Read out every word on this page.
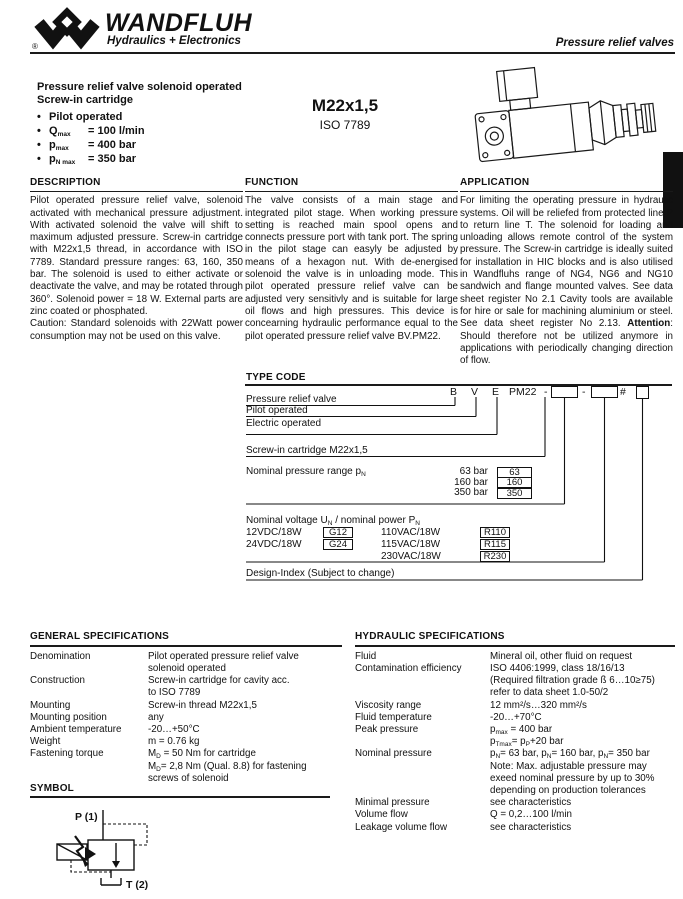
®
WANDFLUH
Hydraulics + Electronics	Pressure relief valves
Pressure relief valve solenoid operated
Screw-in cartridge
• Pilot operated
• $Q_{max}$	= 100 l/min
• $p_{max}$	= 400 bar
• $p_{N max}$	= 350 bar
M22x1,5
ISO 7789
DESCRIPTION

Pilot operated pressure relief valve, solenoid activated with mechanical pressure adjustment. With activated solenoid the valve will shift to maximum adjusted pressure. Screw-in cartridge with M22x1,5 thread, in accordance with ISO 7789. Standard pressure ranges: 63, 160, 350 bar. The solenoid is used to either activate or deactivate the valve, and may be rotated through 360°. Solenoid power = 18 W. External parts are zinc coated or phosphated.

Caution: Standard solenoids with 22Watt power consumption may not be used on this valve.

FUNCTION

The valve consists of a main stage and integrated pilot stage. When working pressure setting is reached main spool opens and connects pressure port with tank port. The spring in the pilot stage can easyly be adjusted by means of a hexagon nut. With de-energised solenoid the valve is in unloading mode. This pilot operated pressure relief valve can be adjusted very sensitivly and is suitable for large oil flows and high pressures. This device is concearning hydraulic performance equal to the pilot operated pressure relief valve BV.PM22.

APPLICATION

For limiting the operating pressure in hydraulic systems. Oil will be reliefed from protected line P to return line T. The solenoid for loading and unloading allows remote control of the system pressure. The Screw-in cartridge is ideally suited for installation in HIC blocks and is also utilised in Wandfluhs range of NG4, NG6 and NG10 sandwich and flange mounted valves. See data sheet register No 2.1 Cavity tools are available for hire or sale for machining aluminium or steel. See data sheet register No 2.13. Attention: Should therefore not be utilized anymore in applications with periodically changing direction of flow.

TYPE CODE
B V E PM22 -	-	#
Pressure relief valve
Pilot operated
Electric operated
Screw-in cartridge M22x1,5
Nominal pressure range $p_N$	63 bar	63
160 bar	160
350 bar	350
Nominal voltage $U_N$ / nominal power $P_N$
12VDC/18W	G12	110VAC/18W	R110
24VDC/18W	G24	115VAC/18W	R115
230VAC/18W	R230
Design-Index (Subject to change)
GENERAL SPECIFICATIONS
Denomination	Pilot operated pressure relief valve
solenoid operated
Construction	Screw-in cartridge for cavity acc.
to ISO 7789
Mounting	Screw-in thread M22x1,5
Mounting position	any
Ambient temperature	-20…+50°C
Weight	m = 0.76 kg
Fastening torque	$M_D = 50$ Nm for cartridge
$M_D= 2,8$ Nm (Qual. 8.8) for fastening
screws of solenoid
HYDRAULIC SPECIFICATIONS
Fluid	Mineral oil, other fluid on request
Contamination efficiency	ISO 4406:1999, class 18/16/13
(Required filtration grade ß 6…10≥75)
refer to data sheet 1.0-50/2
Viscosity range	12 mm²/s…320 mm²/s
Fluid temperature	-20…+70°C
Peak pressure	$p_{max} = 400$ bar
$p_{Tmax}= p_P+20$ bar
Nominal pressure	$p_N= 63$ bar, $p_N= 160$ bar, $p_N= 350$ bar
Note: Max. adjustable pressure may
exeed nominal pressure by up to 30%
depending on production tolerances
Minimal pressure	see characteristics
Volume flow	Q = 0,2…100 l/min
Leakage volume flow	see characteristics
SYMBOL
P (1)
T (2)
